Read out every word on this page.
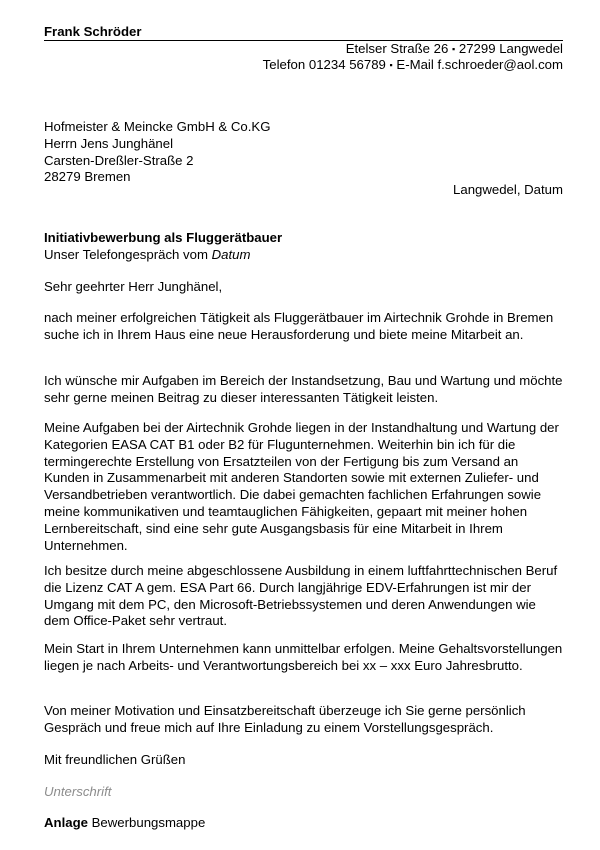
Frank Schröder
Etelser Straße 26 ▪ 27299 Langwedel
Telefon 01234 56789 ▪ E-Mail f.schroeder@aol.com
Hofmeister & Meincke GmbH & Co.KG
Herrn Jens Junghänel
Carsten-Dreßler-Straße 2
28279 Bremen
Langwedel, Datum
Initiativbewerbung als Fluggerätbauer
Unser Telefongespräch vom Datum
Sehr geehrter Herr Junghänel,
nach meiner erfolgreichen Tätigkeit als Fluggerätbauer im Airtechnik Grohde in Bremen suche ich in Ihrem Haus eine neue Herausforderung und biete meine Mitarbeit an.
Ich wünsche mir Aufgaben im Bereich der Instandsetzung, Bau und Wartung und möchte sehr gerne meinen Beitrag zu dieser interessanten Tätigkeit leisten.
Meine Aufgaben bei der Airtechnik Grohde liegen in der Instandhaltung und Wartung der Kategorien EASA CAT B1 oder B2 für Flugunternehmen. Weiterhin bin ich für die termingerechte Erstellung von Ersatzteilen von der Fertigung bis zum Versand an Kunden in Zusammenarbeit mit anderen Standorten sowie mit externen Zuliefer- und Versandbetrieben verantwortlich. Die dabei gemachten fachlichen Erfahrungen sowie meine kommunikativen und teamtauglichen Fähigkeiten, gepaart mit meiner hohen Lernbereitschaft, sind eine sehr gute Ausgangsbasis für eine Mitarbeit in Ihrem Unternehmen.
Ich besitze durch meine abgeschlossene Ausbildung in einem luftfahrttechnischen Beruf die Lizenz CAT A gem. ESA Part 66. Durch langjährige EDV-Erfahrungen ist mir der Umgang mit dem PC, den Microsoft-Betriebssystemen und deren Anwendungen wie dem Office-Paket sehr vertraut.
Mein Start in Ihrem Unternehmen kann unmittelbar erfolgen. Meine Gehaltsvorstellungen liegen je nach Arbeits- und Verantwortungsbereich bei xx – xxx Euro Jahresbrutto.
Von meiner Motivation und Einsatzbereitschaft überzeuge ich Sie gerne persönlich Gespräch und freue mich auf Ihre Einladung zu einem Vorstellungsgespräch.
Mit freundlichen Grüßen
Unterschrift
Anlage Bewerbungsmappe
